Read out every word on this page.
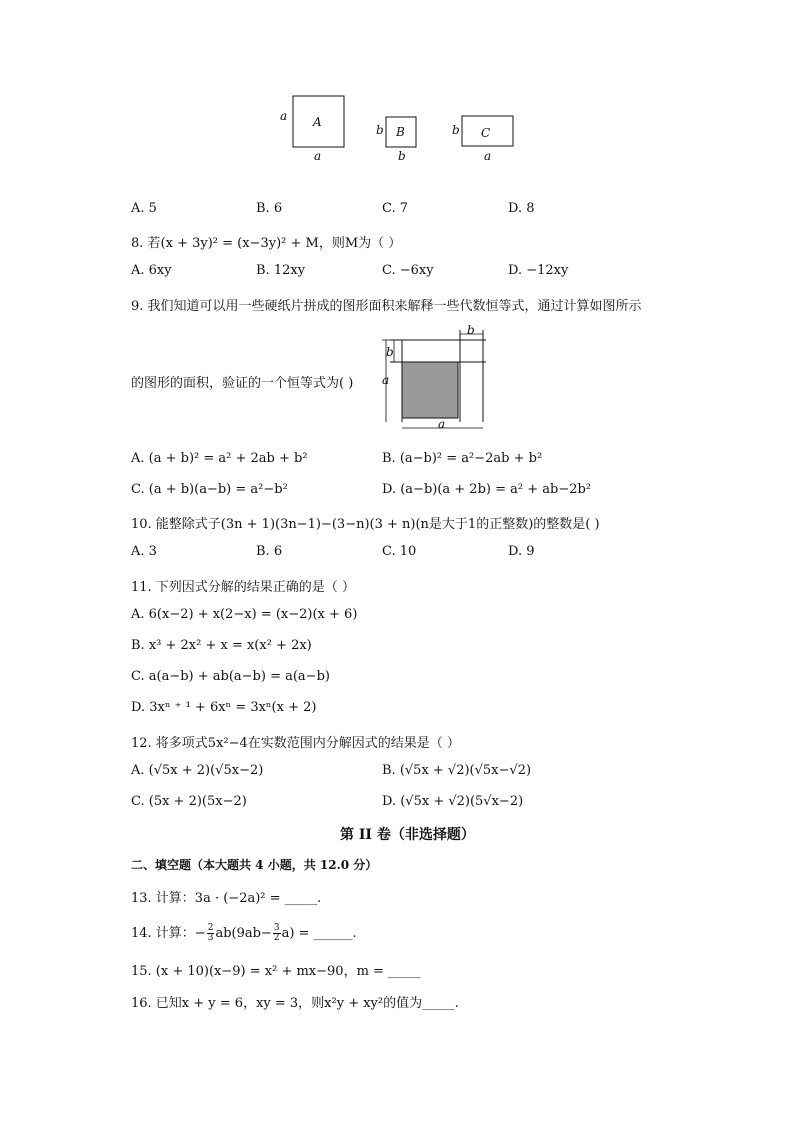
A
a
a
B
b
b
C
b
a
A. 5	B. 6	C. 7	D. 8
8. 若(x + 3y)² = (x−3y)² + M，则M为（ ）
A. 6xy	B. 12xy	C. −6xy	D. −12xy
9. 我们知道可以用一些硬纸片拼成的图形面积来解释一些代数恒等式，通过计算如图所示
的图形的面积，验证的一个恒等式为( )
b
b
a
a
A. (a + b)² = a² + 2ab + b²	B. (a−b)² = a²−2ab + b²
C. (a + b)(a−b) = a²−b²	D. (a−b)(a + 2b) = a² + ab−2b²
10. 能整除式子(3n + 1)(3n−1)−(3−n)(3 + n)(n是大于1的正整数)的整数是( )
A. 3	B. 6	C. 10	D. 9
11. 下列因式分解的结果正确的是（ ）
A. 6(x−2) + x(2−x) = (x−2)(x + 6)
B. x³ + 2x² + x = x(x² + 2x)
C. a(a−b) + ab(a−b) = a(a−b)
D. 3xⁿ ⁺ ¹ + 6xⁿ = 3xⁿ(x + 2)
12. 将多项式5x²−4在实数范围内分解因式的结果是（ ）
A. (√5x + 2)(√5x−2)	B. (√5x + √2)(√5x−√2)
C. (5x + 2)(5x−2)	D. (√5x + √2)(5√x−2)
第 II 卷（非选择题）
二、填空题（本大题共 4 小题，共 12.0 分）
13. 计算：3a · (−2a)² = _____.
14. 计算：− $\frac{2}{3} ab(9ab- \frac{3}{2} a)$ = ______.
15. (x + 10)(x−9) = x² + mx−90，m = _____
16. 已知x + y = 6，xy = 3，则x²y + xy²的值为_____.
